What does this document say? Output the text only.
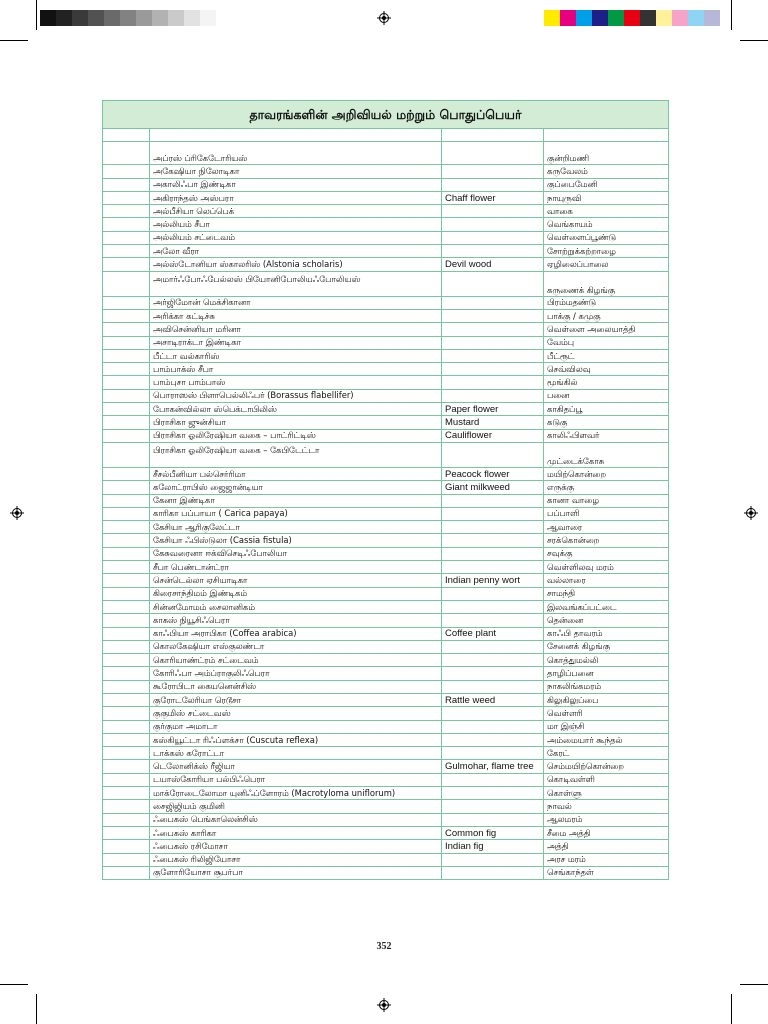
தாவரங்களின் அறிவியல் மற்றும் பொதுப்பெயர்			

	அப்ரஸ் ப்ரிகேடோரியஸ்		குன்றிமணி
	அகேஷியா நிலோடிகா		கருவேலம்
	அகாலிஃபா இண்டிகா		குப்பைமேனி
	அகிராந்தஸ் அஸ்பரா	Chaff flower	நாயுருவி
	அல்பீசியா லெப்பெக்		வாகை
	அல்லியம் சீபா		வெங்காயம்
	அல்லியம் சட்டைவம்		வெள்ளைப்பூண்டு
	அலோ வீரா		சோற்றுக்கற்றாழை
	அல்ஸ்டோனியா ஸ்காலரிஸ் (Alstonia scholaris)	Devil wood	ஏழிலைப்பாலை
	அமார்ஃபோஃபேல்லஸ் பியோனிபோலியஃபோலியஸ்		கருணைக் கிழங்கு
	அர்ஜிமோன் மெக்சிகானா		பிரம்மதண்டு
	அரிக்கா கட்டிச்சு		பாக்கு / கமுகு
	அவிசென்னியா மரினா		வெள்ளை அலையாத்தி
	அசாடிராக்டா இண்டிகா		வேம்பு
	பீட்டா வல்காரிஸ்		பீட்ரூட்
	பாம்பாக்ஸ் சீபா		செவ்விலவு
	பாம்புசா பாம்பாஸ்		மூங்கில்
	பொராஸஸ் பிளாபெல்லிஃபர் (Borassus flabellifer)		பனை
	போகன்வில்லா ஸ்பெக்டாபிலிஸ்	Paper flower	காகிதப்பூ
	பிராசிகா ஜுன்சியா	Mustard	கடுகு
	பிராசிகா ஓலிரேஷியா வகை – பாட்ரிட்டிஸ்	Cauliflower	காலிஃபிளவர்
	பிராசிகா ஓலிரேஷியா வகை – கேபிடேட்டா		முட்டைக்கோசு
	சீசல்பீனியா பல்செர்ரிமா	Peacock flower	மயிற்கொன்றை
	கலோட்ராபிஸ் ஜைஜான்டியா	Giant milkweed	எருக்கு
	கேனா இண்டிகா		கானா வாழை
	காரிகா பப்பாயா ( Carica papaya)		பப்பாளி
	கேசியா ஆரிகுலேட்டா		ஆவாரை
	கேசியா ஃபிஸ்டுலா (Cassia fistula)		சரக்கொன்றை
	கேசுவரைனா ஈக்விசெடிஃபோலியா		சவுக்கு
	சீபா பெண்டான்ட்ரா		வெள்ளிலவு மரம்
	சென்டெல்லா ஏசியாடிகா	Indian penny wort	வல்லாரை
	கிரைசாந்திமம் இண்டிகம்		சாமந்தி
	சின்னமோமம் சைலானிகம்		இலவங்கப்பட்டை
	காகஸ் நியூசிஃபெரா		தென்னை
	காஃபியா அராபிகா (Coffea arabica)	Coffee plant	காஃபி தாவரம்
	கொலகேஷியா எஸ்குலண்டா		சேனைக் கிழங்கு
	கொரியாண்ட்ரம் சட்டைவம்		கொத்துமல்லி
	கோரிஃபா அம்ப்ராகுலிஃபெரா		தாழிப்பனை
	கூரோபிடா கையனென்சிஸ்		நாகலிங்கமரம்
	குரோடலேரியா ரெடூசா	Rattle weed	கிலுகிலுப்பை
	குகுமிஸ் சட்டைவஸ்		வெள்ளரி
	குர்குமா அமாடா		மா இஞ்சி
	கஸ்கியூட்டா ரிஃப்ளக்சா (Cuscuta reflexa)		அம்மையார் கூந்தல்
	டாக்கஸ் கரோட்டா		கேரட்
	டெலோனிக்ஸ் ரீஜியா	Gulmohar, flame tree	செம்மயிற்கொன்றை
	டயாஸ்கோரியா பல்பிஃபெரா		கொடிவள்ளி
	மாக்ரோடைலோமா யுனிஃப்ளோரம் (Macrotyloma uniflorum)		கொள்ளு
	சைஜிஜியம் குமினி		நாவல்
	ஃபைகஸ் பெங்காலென்சிஸ்		ஆலமரம்
	ஃபைகஸ் காரிகா	Common fig	சீமை அத்தி
	ஃபைகஸ் ரசிமோசா	Indian fig	அத்தி
	ஃபைகஸ் ரிலிஜியோசா		அரச மரம்
	குளோரியோசா சூபர்பா		செங்காந்தள்
352
